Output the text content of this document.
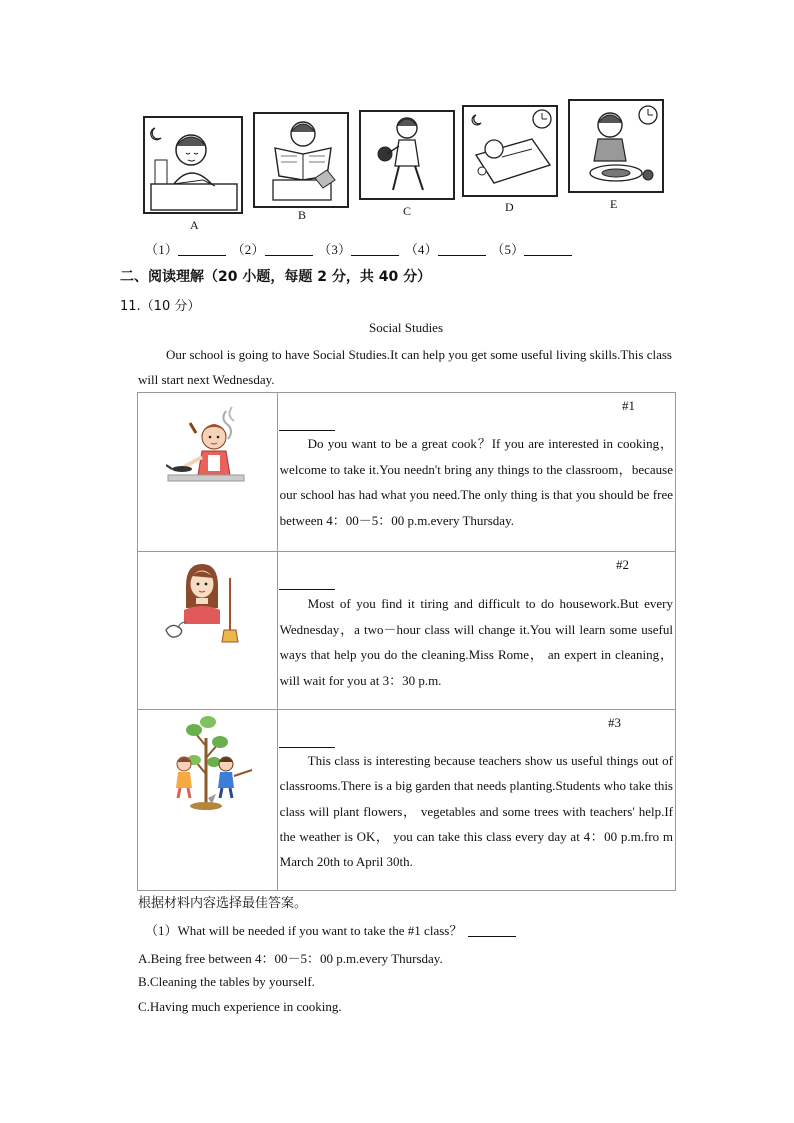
A
B	C	D	E
（1）	（2）	（3）	（4）	（5）
二、阅读理解（20 小题，每题 2 分，共 40 分）
11.（10 分）
Social Studies
Our school is going to have Social Studies.It can help you get some useful living skills.This class will start next Wednesday.

#1
Do you want to be a great cook？If you are interested in cooking，welcome to take it.You needn't bring any things to the classroom，because our school has had what you need.The only thing is that you should be free between 4：00－5：00 p.m.every Thursday.

#2
Most of you find it tiring and difficult to do housework.But every Wednesday，a two－hour class will change it.You will learn some useful ways that help you do the cleaning.Miss Rome， an expert in cleaning，will wait for you at 3：30 p.m.

#3
This class is interesting because teachers show us useful things out of classrooms.There is a big garden that needs planting.Students who take this class will plant flowers， vegetables and some trees with teachers' help.If the weather is OK， you can take this class every day at 4：00 p.m.fro m March 20th to April 30th.
根据材料内容选择最佳答案。
（1）What will be needed if you want to take the #1 class？
A.Being free between 4：00－5：00 p.m.every Thursday.
B.Cleaning the tables by yourself.
C.Having much experience in cooking.
